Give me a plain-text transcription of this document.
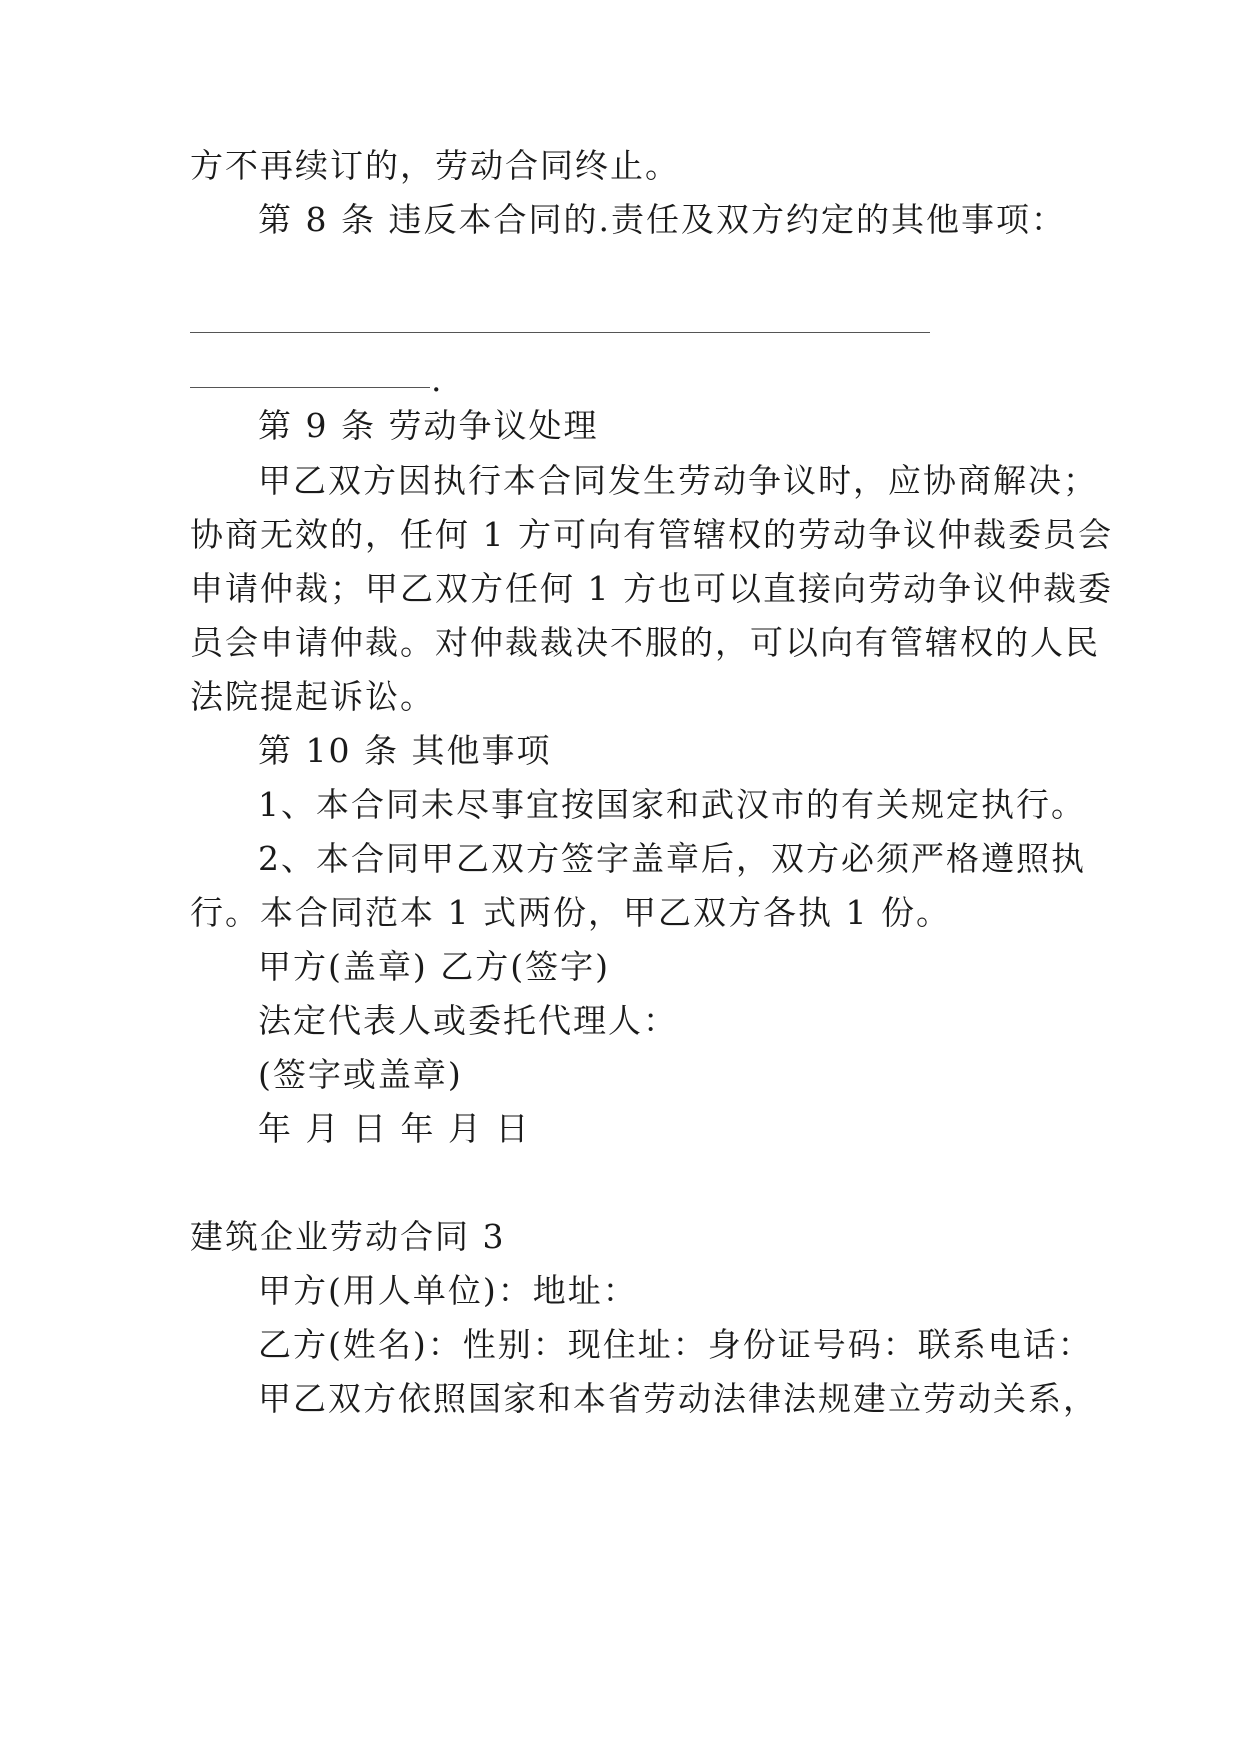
方不再续订的，劳动合同终止。
第 8 条 违反本合同的.责任及双方约定的其他事项：
.
第 9 条 劳动争议处理
甲乙双方因执行本合同发生劳动争议时，应协商解决；
协商无效的，任何 1 方可向有管辖权的劳动争议仲裁委员会
申请仲裁；甲乙双方任何 1 方也可以直接向劳动争议仲裁委
员会申请仲裁。对仲裁裁决不服的，可以向有管辖权的人民
法院提起诉讼。
第 10 条 其他事项
1、本合同未尽事宜按国家和武汉市的有关规定执行。
2、本合同甲乙双方签字盖章后，双方必须严格遵照执
行。本合同范本 1 式两份，甲乙双方各执 1 份。
甲方(盖章) 乙方(签字)
法定代表人或委托代理人：
(签字或盖章)
年 月 日 年 月 日
建筑企业劳动合同 3
甲方(用人单位)：地址：
乙方(姓名)：性别：现住址：身份证号码：联系电话：
甲乙双方依照国家和本省劳动法律法规建立劳动关系，
